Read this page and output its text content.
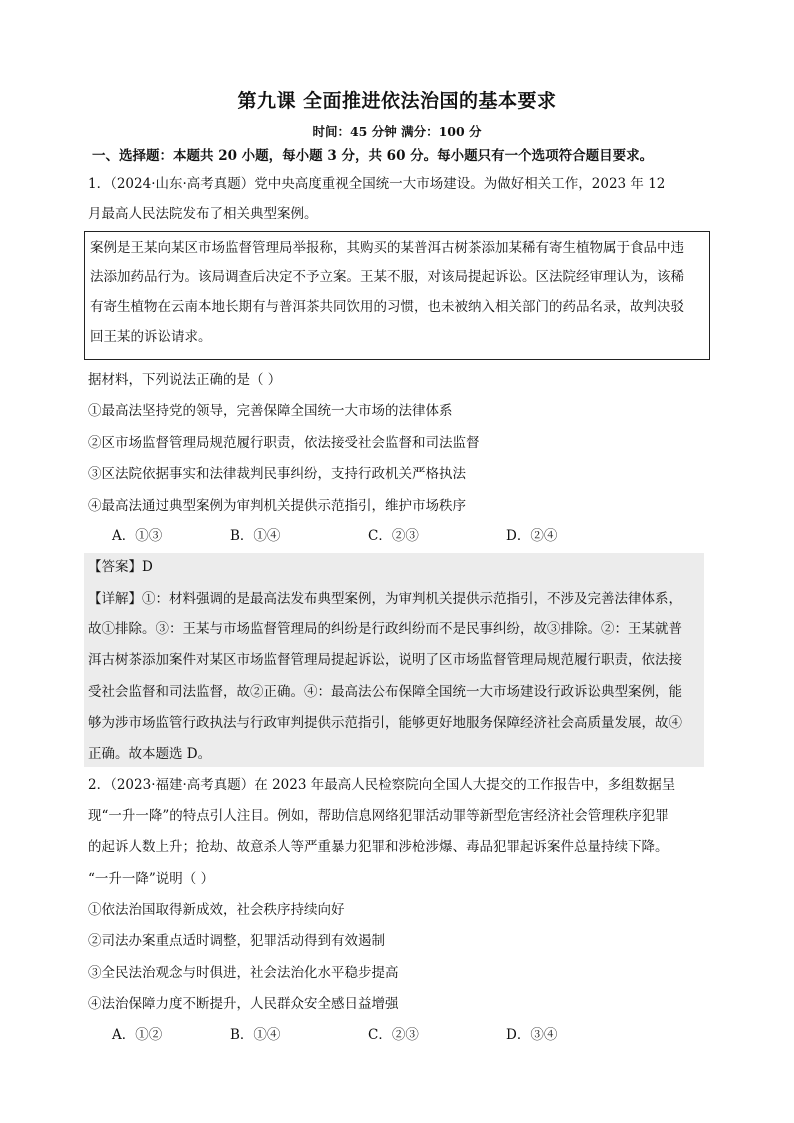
第九课 全面推进依法治国的基本要求
时间：45 分钟 满分：100 分
一、选择题：本题共 20 小题，每小题 3 分，共 60 分。每小题只有一个选项符合题目要求。
1．（2024·山东·高考真题）党中央高度重视全国统一大市场建设。为做好相关工作，2023 年 12
月最高人民法院发布了相关典型案例。
案例是王某向某区市场监督管理局举报称，其购买的某普洱古树茶添加某稀有寄生植物属于食品中违
法添加药品行为。该局调查后决定不予立案。王某不服，对该局提起诉讼。区法院经审理认为，该稀
有寄生植物在云南本地长期有与普洱茶共同饮用的习惯，也未被纳入相关部门的药品名录，故判决驳
回王某的诉讼请求。
据材料，下列说法正确的是（ ）
①最高法坚持党的领导，完善保障全国统一大市场的法律体系
②区市场监督管理局规范履行职责，依法接受社会监督和司法监督
③区法院依据事实和法律裁判民事纠纷，支持行政机关严格执法
④最高法通过典型案例为审判机关提供示范指引，维护市场秩序
A．①③	B．①④	C．②③	D．②④
【答案】D
【详解】①：材料强调的是最高法发布典型案例，为审判机关提供示范指引，不涉及完善法律体系，
故①排除。③：王某与市场监督管理局的纠纷是行政纠纷而不是民事纠纷，故③排除。②：王某就普
洱古树茶添加案件对某区市场监督管理局提起诉讼，说明了区市场监督管理局规范履行职责，依法接
受社会监督和司法监督，故②正确。④：最高法公布保障全国统一大市场建设行政诉讼典型案例，能
够为涉市场监管行政执法与行政审判提供示范指引，能够更好地服务保障经济社会高质量发展，故④
正确。故本题选 D。
2．（2023·福建·高考真题）在 2023 年最高人民检察院向全国人大提交的工作报告中，多组数据呈
现“一升一降”的特点引人注目。例如，帮助信息网络犯罪活动罪等新型危害经济社会管理秩序犯罪
的起诉人数上升；抢劫、故意杀人等严重暴力犯罪和涉枪涉爆、毒品犯罪起诉案件总量持续下降。
“一升一降”说明（ ）
①依法治国取得新成效，社会秩序持续向好
②司法办案重点适时调整，犯罪活动得到有效遏制
③全民法治观念与时俱进，社会法治化水平稳步提高
④法治保障力度不断提升，人民群众安全感日益增强
A．①②	B．①④	C．②③	D．③④
